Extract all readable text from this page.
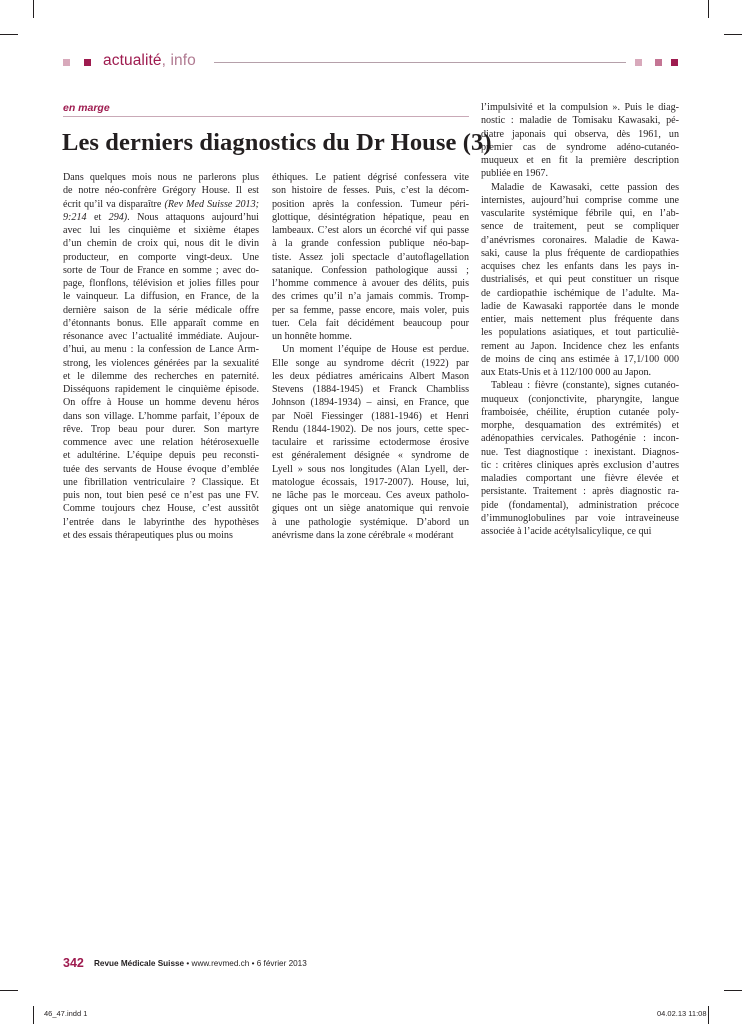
actualité, info
en marge
Les derniers diagnostics du Dr House (3)
Dans quelques mois nous ne parlerons plus
de notre néo-confrère Grégory House. Il est
écrit qu’il va disparaître (Rev Med Suisse 2013;
9:214 et 294). Nous attaquons aujourd’hui
avec lui les cinquième et sixième étapes
d’un chemin de croix qui, nous dit le divin
producteur, en comporte vingt-deux. Une
sorte de Tour de France en somme ; avec do-
page, flonflons, télévision et jolies filles pour
le vainqueur. La diffusion, en France, de la
dernière saison de la série médicale offre
d’étonnants bonus. Elle apparaît comme en
résonance avec l’actualité immédiate. Aujour-
d’hui, au menu : la confession de Lance Arm-
strong, les violences générées par la sexualité
et le dilemme des recherches en paternité.
Disséquons rapidement le cinquième épisode.
On offre à House un homme devenu héros
dans son village. L’homme parfait, l’époux de
rêve. Trop beau pour durer. Son martyre
commence avec une relation hétérosexuelle
et adultérine. L’équipe depuis peu reconsti-
tuée des servants de House évoque d’emblée
une fibrillation ventriculaire ? Classique. Et
puis non, tout bien pesé ce n’est pas une FV.
Comme toujours chez House, c’est aussitôt
l’entrée dans le labyrinthe des hypothèses
et des essais thérapeutiques plus ou moins
éthiques. Le patient dégrisé confessera vite
son histoire de fesses. Puis, c’est la décom-
position après la confession. Tumeur péri-
glottique, désintégration hépatique, peau en
lambeaux. C’est alors un écorché vif qui passe
à la grande confession publique néo-bap-
tiste. Assez joli spectacle d’autoflagellation
satanique. Confession pathologique aussi ;
l’homme commence à avouer des délits, puis
des crimes qu’il n’a jamais commis. Tromp-
per sa femme, passe encore, mais voler, puis
tuer. Cela fait décidément beaucoup pour
un honnête homme.
Un moment l’équipe de House est perdue.
Elle songe au syndrome décrit (1922) par
les deux pédiatres américains Albert Mason
Stevens (1884-1945) et Franck Chambliss
Johnson (1894-1934) – ainsi, en France, que
par Noël Fiessinger (1881-1946) et Henri
Rendu (1844-1902). De nos jours, cette spec-
taculaire et rarissime ectodermose érosive
est généralement désignée « syndrome de
Lyell » sous nos longitudes (Alan Lyell, der-
matologue écossais, 1917-2007). House, lui,
ne lâche pas le morceau. Ces aveux patholo-
giques ont un siège anatomique qui renvoie
à une pathologie systémique. D’abord un
anévrisme dans la zone cérébrale « modérant
l’impulsivité et la compulsion ». Puis le diag-
nostic : maladie de Tomisaku Kawasaki, pé-
diatre japonais qui observa, dès 1961, un
premier cas de syndrome adéno-cutanéo-
muqueux et en fit la première description
publiée en 1967.
Maladie de Kawasaki, cette passion des
internistes, aujourd’hui comprise comme une
vascularite systémique fébrile qui, en l’ab-
sence de traitement, peut se compliquer
d’anévrismes coronaires. Maladie de Kawa-
saki, cause la plus fréquente de cardiopathies
acquises chez les enfants dans les pays in-
dustrialisés, et qui peut constituer un risque
de cardiopathie ischémique de l’adulte. Ma-
ladie de Kawasaki rapportée dans le monde
entier, mais nettement plus fréquente dans
les populations asiatiques, et tout particuliè-
rement au Japon. Incidence chez les enfants
de moins de cinq ans estimée à 17,1/100 000
aux Etats-Unis et à 112/100 000 au Japon.
Tableau : fièvre (constante), signes cutanéo-
muqueux (conjonctivite, pharyngite, langue
framboisée, chéilite, éruption cutanée poly-
morphe, desquamation des extrémités) et
adénopathies cervicales. Pathogénie : incon-
nue. Test diagnostique : inexistant. Diagnos-
tic : critères cliniques après exclusion d’autres
maladies comportant une fièvre élevée et
persistante. Traitement : après diagnostic ra-
pide (fondamental), administration précoce
d’immunoglobulines par voie intraveineuse
associée à l’acide acétylsalicylique, ce qui
342 Revue Médicale Suisse • www.revmed.ch • 6 février 2013
46_47.indd 1	04.02.13 11:08
